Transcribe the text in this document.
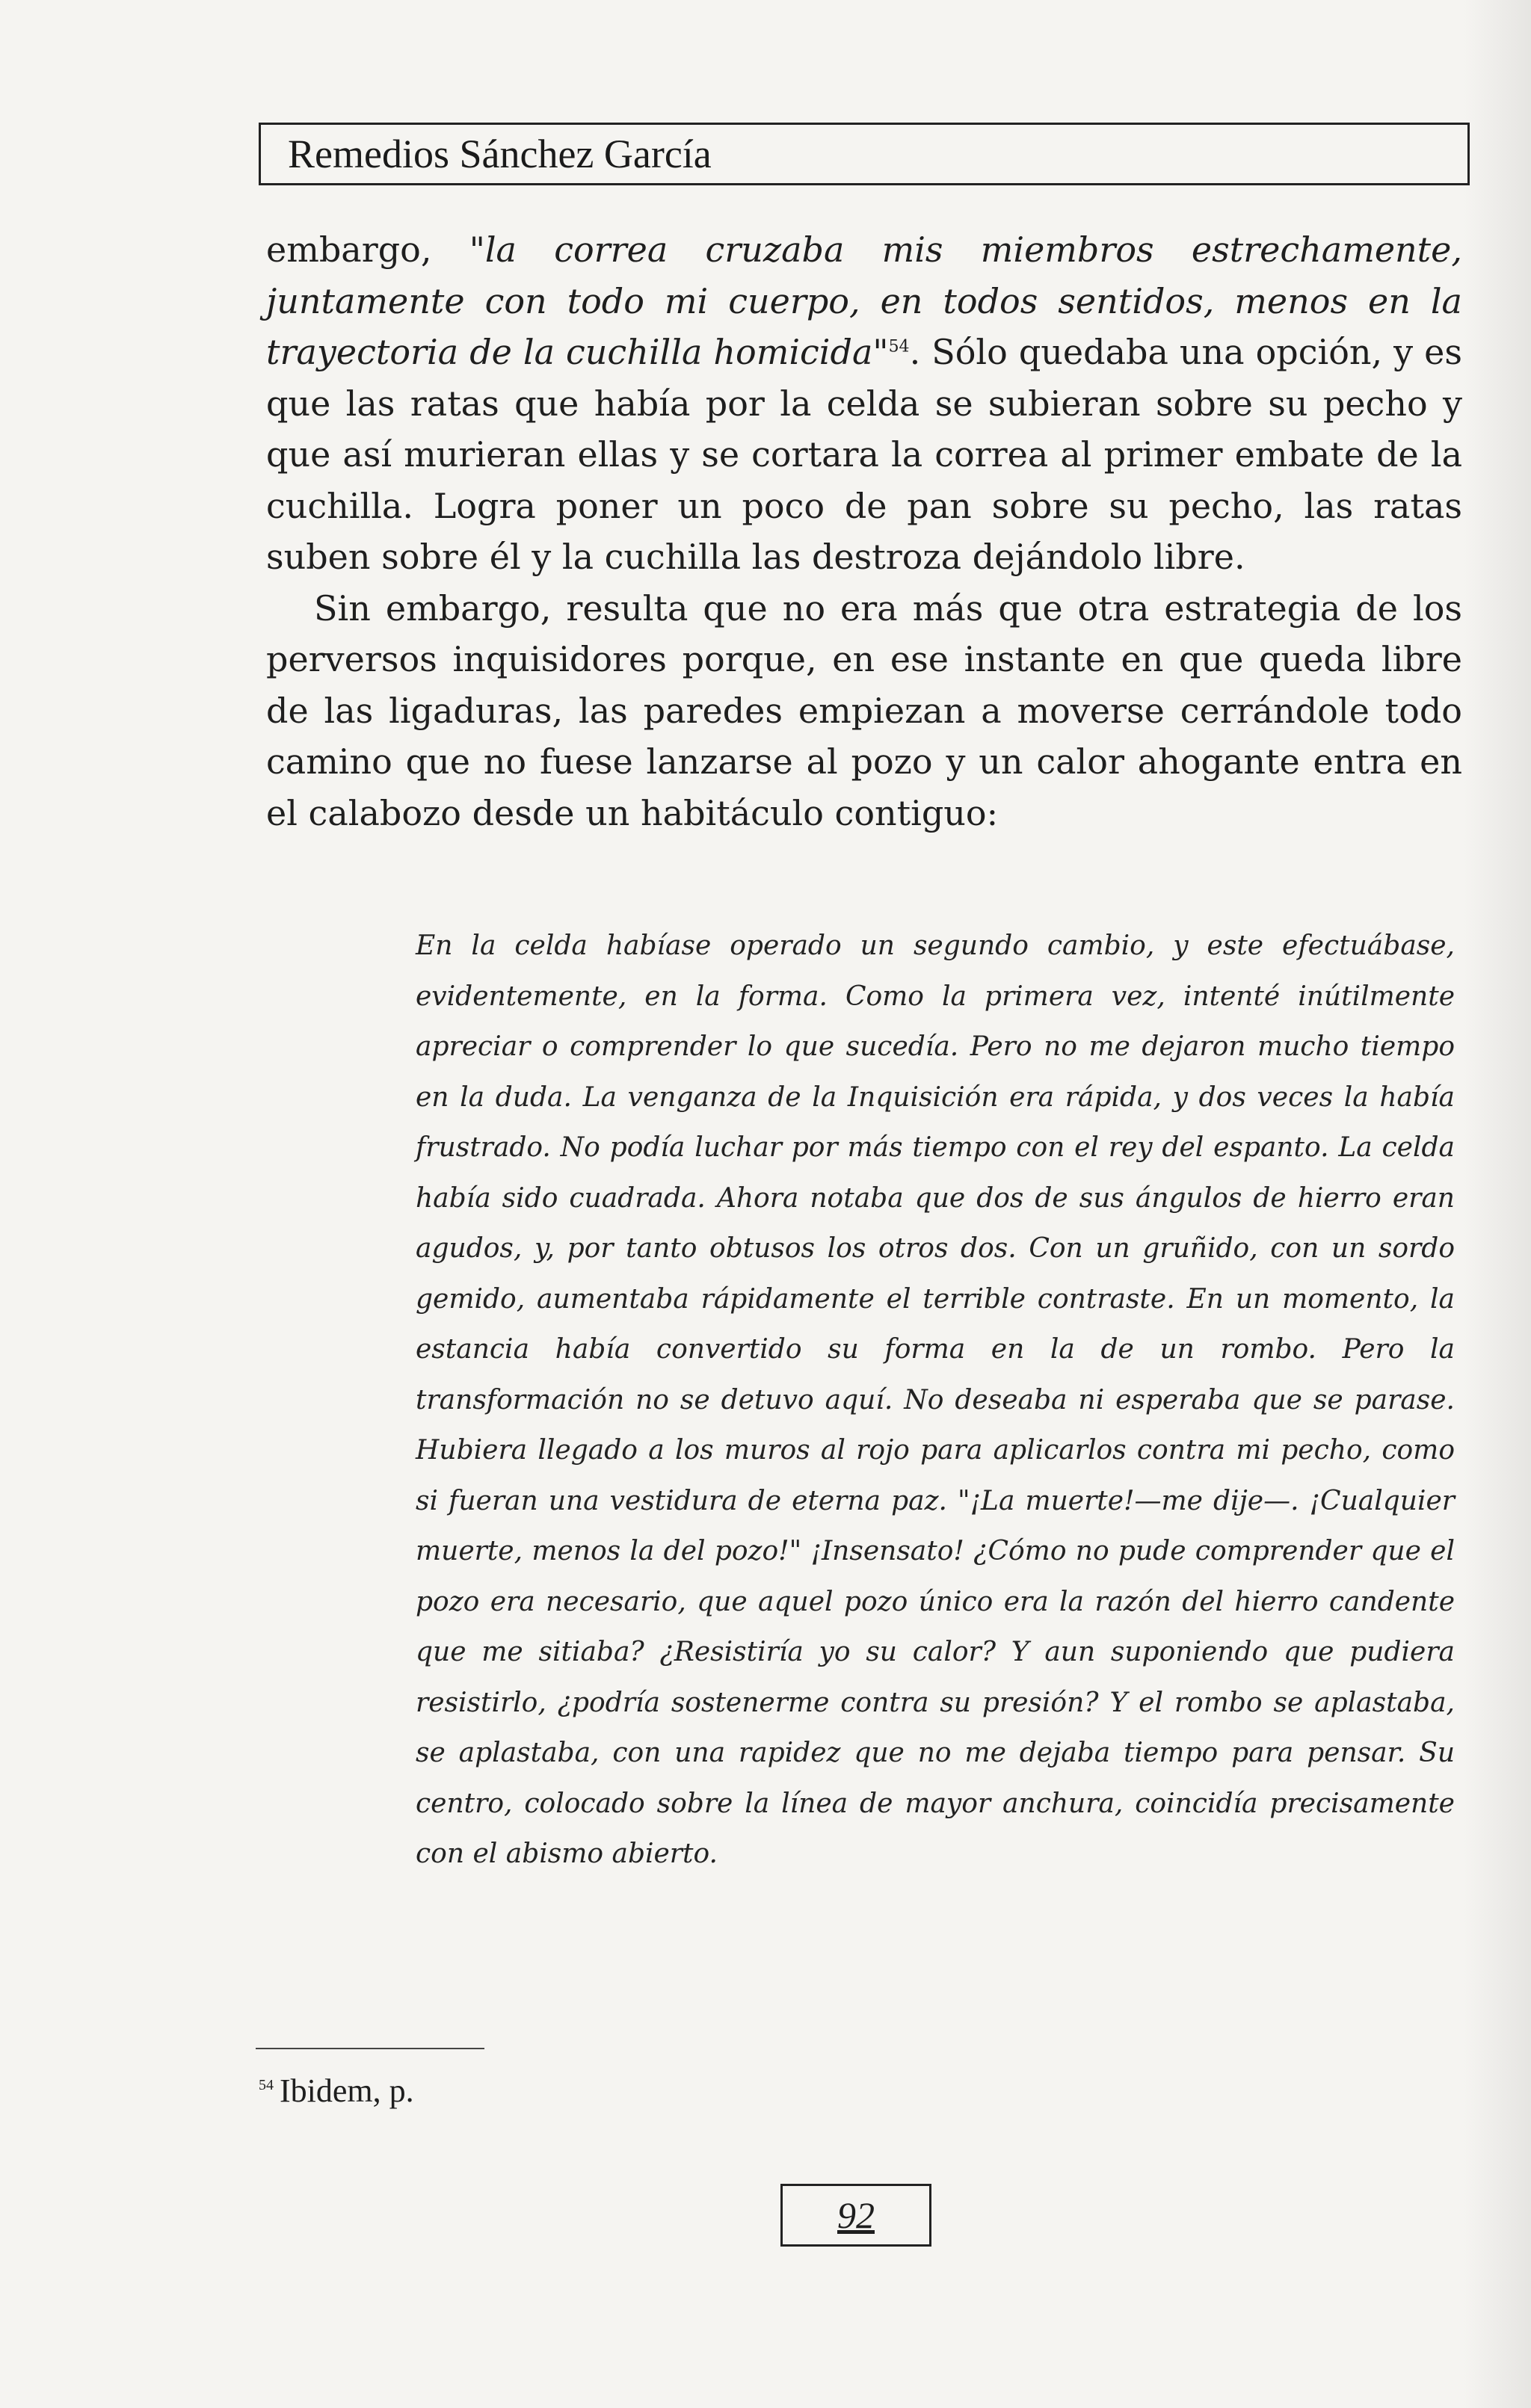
Remedios Sánchez García

embargo, "la correa cruzaba mis miembros estrechamente, juntamente con todo mi cuerpo, en todos sentidos, menos en la trayectoria de la cuchilla homicida"$^{54}$. Sólo quedaba una opción, y es que las ratas que había por la celda se subieran sobre su pecho y que así murieran ellas y se cortara la correa al primer embate de la cuchilla. Logra poner un poco de pan sobre su pecho, las ratas suben sobre él y la cuchilla las destroza dejándolo libre.

Sin embargo, resulta que no era más que otra estrategia de los perversos inquisidores porque, en ese instante en que queda libre de las ligaduras, las paredes empiezan a moverse cerrándole todo camino que no fuese lanzarse al pozo y un calor ahogante entra en el calabozo desde un habitáculo contiguo:

En la celda habíase operado un segundo cambio, y este efectuábase, evidentemente, en la forma. Como la primera vez, intenté inútilmente apreciar o comprender lo que sucedía. Pero no me dejaron mucho tiempo en la duda. La venganza de la Inquisición era rápida, y dos veces la había frustrado. No podía luchar por más tiempo con el rey del espanto. La celda había sido cuadrada. Ahora notaba que dos de sus ángulos de hierro eran agudos, y, por tanto obtusos los otros dos. Con un gruñido, con un sordo gemido, aumentaba rápidamente el terrible contraste. En un momento, la estancia había convertido su forma en la de un rombo. Pero la transformación no se detuvo aquí. No deseaba ni esperaba que se parase. Hubiera llegado a los muros al rojo para aplicarlos contra mi pecho, como si fueran una vestidura de eterna paz. "¡La muerte!—me dije—. ¡Cualquier muerte, menos la del pozo!" ¡Insensato! ¿Cómo no pude comprender que el pozo era necesario, que aquel pozo único era la razón del hierro candente que me sitiaba? ¿Resistiría yo su calor? Y aun suponiendo que pudiera resistirlo, ¿podría sostenerme contra su presión? Y el rombo se aplastaba, se aplastaba, con una rapidez que no me dejaba tiempo para pensar. Su centro, colocado sobre la línea de mayor anchura, coincidía precisamente con el abismo abierto.
$^{54}$ Ibidem, p.
92
